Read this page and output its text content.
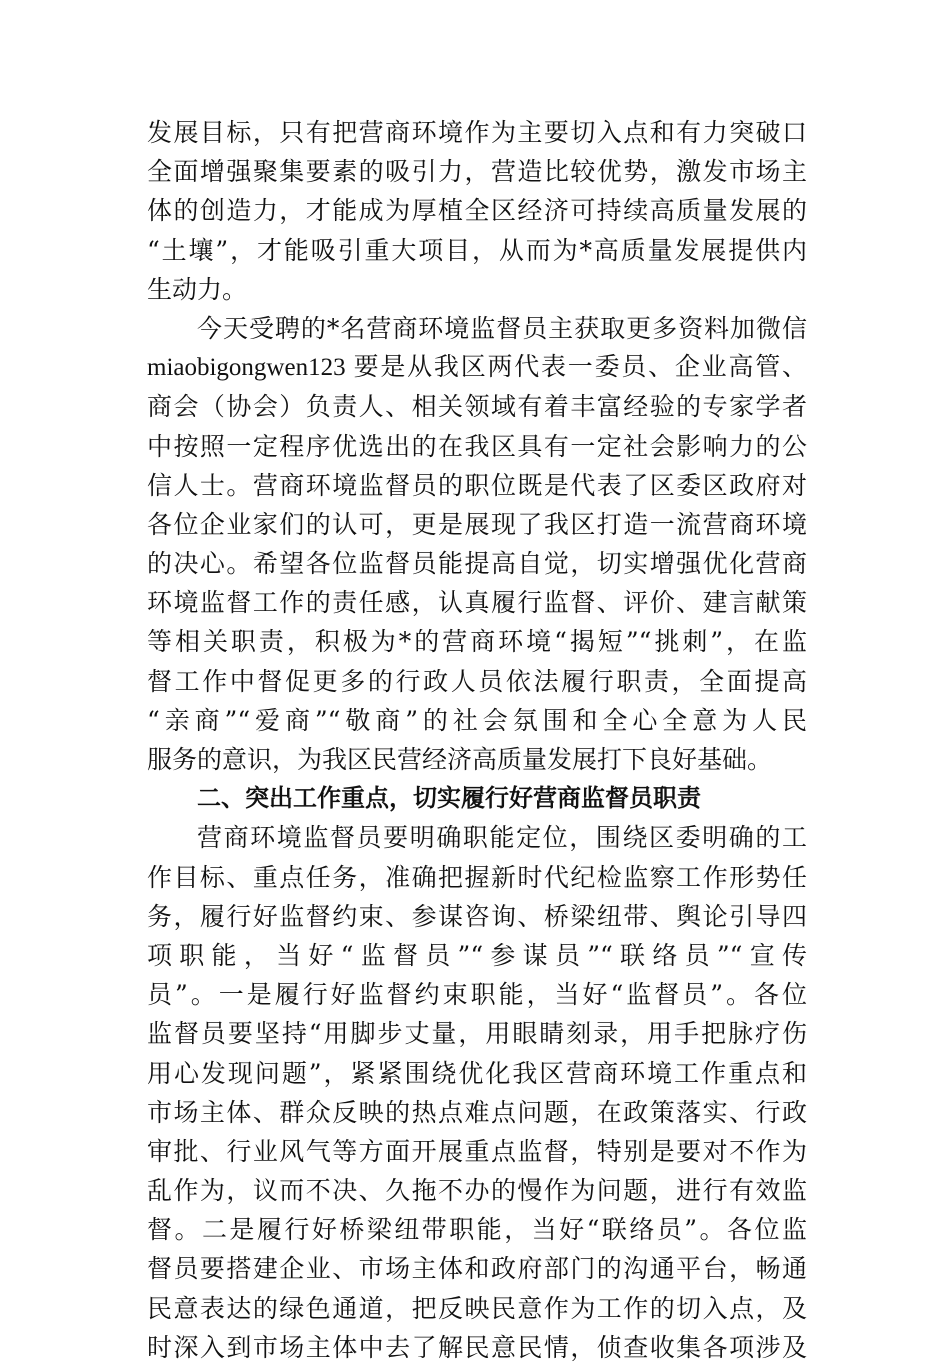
发展目标，只有把营商环境作为主要切入点和有力突破口
全面增强聚集要素的吸引力，营造比较优势，激发市场主
体的创造力，才能成为厚植全区经济可持续高质量发展的
“土壤”，才能吸引重大项目，从而为*高质量发展提供内
生动力。
今天受聘的*名营商环境监督员主获取更多资料加微信
miaobigongwen123 要是从我区两代表一委员、企业高管、
商会（协会）负责人、相关领域有着丰富经验的专家学者
中按照一定程序优选出的在我区具有一定社会影响力的公
信人士。营商环境监督员的职位既是代表了区委区政府对
各位企业家们的认可，更是展现了我区打造一流营商环境
的决心。希望各位监督员能提高自觉，切实增强优化营商
环境监督工作的责任感，认真履行监督、评价、建言献策
等相关职责，积极为*的营商环境“揭短”“挑刺”，在监
督工作中督促更多的行政人员依法履行职责，全面提高
“亲商”“爱商”“敬商”的社会氛围和全心全意为人民
服务的意识，为我区民营经济高质量发展打下良好基础。
二、突出工作重点，切实履行好营商监督员职责
营商环境监督员要明确职能定位，围绕区委明确的工
作目标、重点任务，准确把握新时代纪检监察工作形势任
务，履行好监督约束、参谋咨询、桥梁纽带、舆论引导四
项职能，当好“监督员”“参谋员”“联络员”“宣传
员”。一是履行好监督约束职能，当好“监督员”。各位
监督员要坚持“用脚步丈量，用眼睛刻录，用手把脉疗伤
用心发现问题”，紧紧围绕优化我区营商环境工作重点和
市场主体、群众反映的热点难点问题，在政策落实、行政
审批、行业风气等方面开展重点监督，特别是要对不作为
乱作为，议而不决、久拖不办的慢作为问题，进行有效监
督。二是履行好桥梁纽带职能，当好“联络员”。各位监
督员要搭建企业、市场主体和政府部门的沟通平台，畅通
民意表达的绿色通道，把反映民意作为工作的切入点，及
时深入到市场主体中去了解民意民情，侦查收集各项涉及
